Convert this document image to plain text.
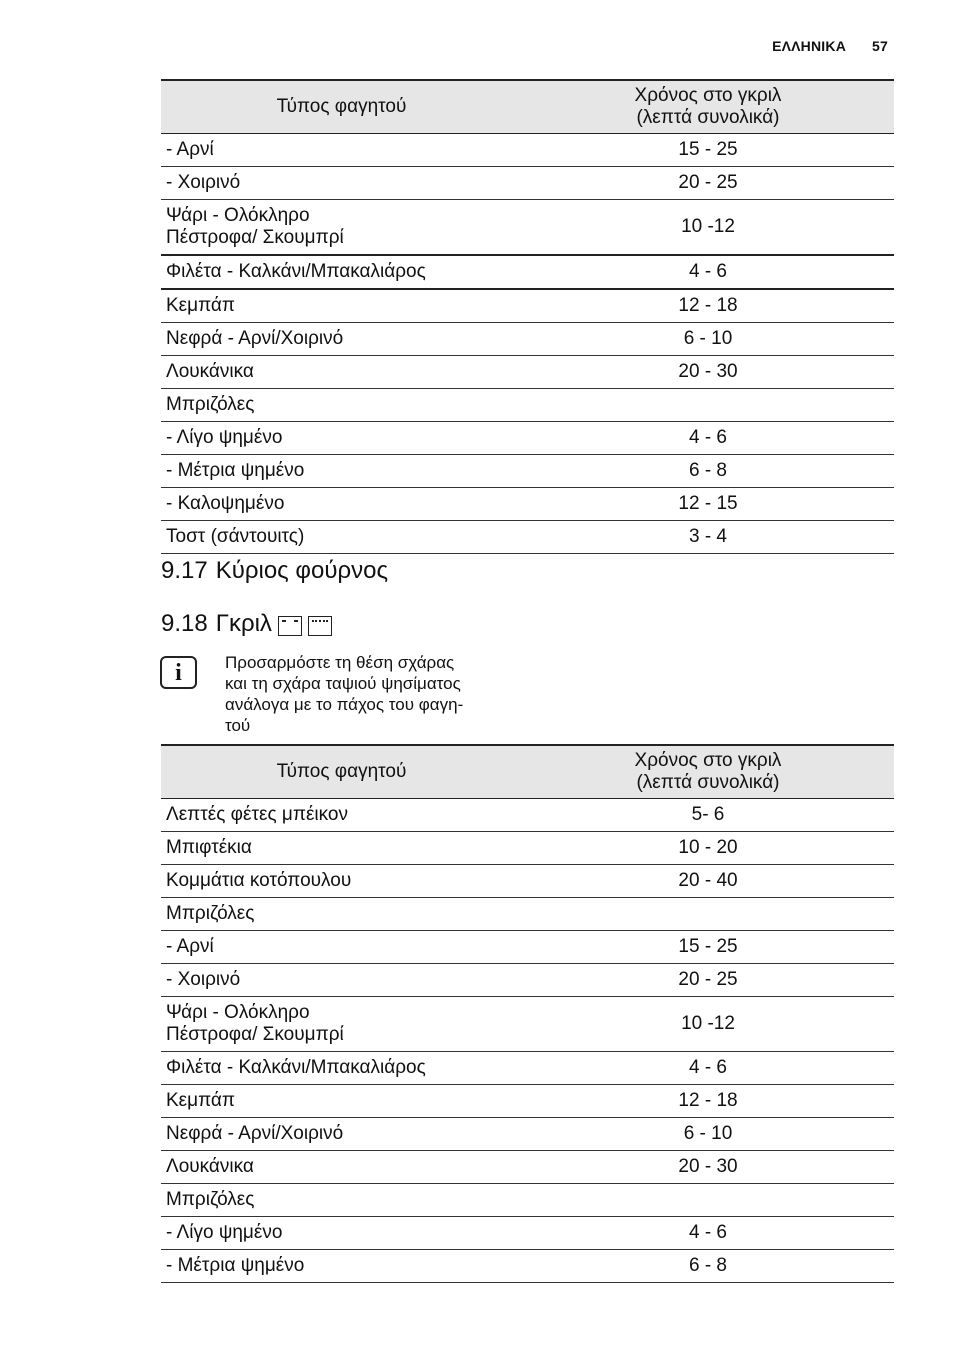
ΕΛΛΗΝΙΚΑ 57
Τύπος φαγητού	Χρόνος στο γκριλ
(λεπτά συνολικά)

- Αρνί	15 - 25
- Χοιρινό	20 - 25

Ψάρι - Ολόκληρο
Πέστροφα/ Σκουμπρί	10 -12
Φιλέτα - Καλκάνι/Μπακαλιάρος	4 - 6
Κεμπάπ	12 - 18
Νεφρά - Αρνί/Χοιρινό	6 - 10
Λουκάνικα	20 - 30
Μπριζόλες	
- Λίγο ψημένο	4 - 6
- Μέτρια ψημένο	6 - 8
- Καλοψημένο	12 - 15
Τοστ (σάντουιτς)	3 - 4
9.17 Κύριος φούρνος
9.18 Γκριλ
i	Προσαρμόστε τη θέση σχάρας
και τη σχάρα ταψιού ψησίματος
ανάλογα με το πάχος του φαγη-
τού
Τύπος φαγητού	Χρόνος στο γκριλ
(λεπτά συνολικά)

Λεπτές φέτες μπέικον	5- 6
Μπιφτέκια	10 - 20
Κομμάτια κοτόπουλου	20 - 40
Μπριζόλες	
- Αρνί	15 - 25
- Χοιρινό	20 - 25

Ψάρι - Ολόκληρο
Πέστροφα/ Σκουμπρί	10 -12
Φιλέτα - Καλκάνι/Μπακαλιάρος	4 - 6
Κεμπάπ	12 - 18
Νεφρά - Αρνί/Χοιρινό	6 - 10
Λουκάνικα	20 - 30
Μπριζόλες	
- Λίγο ψημένο	4 - 6
- Μέτρια ψημένο	6 - 8
